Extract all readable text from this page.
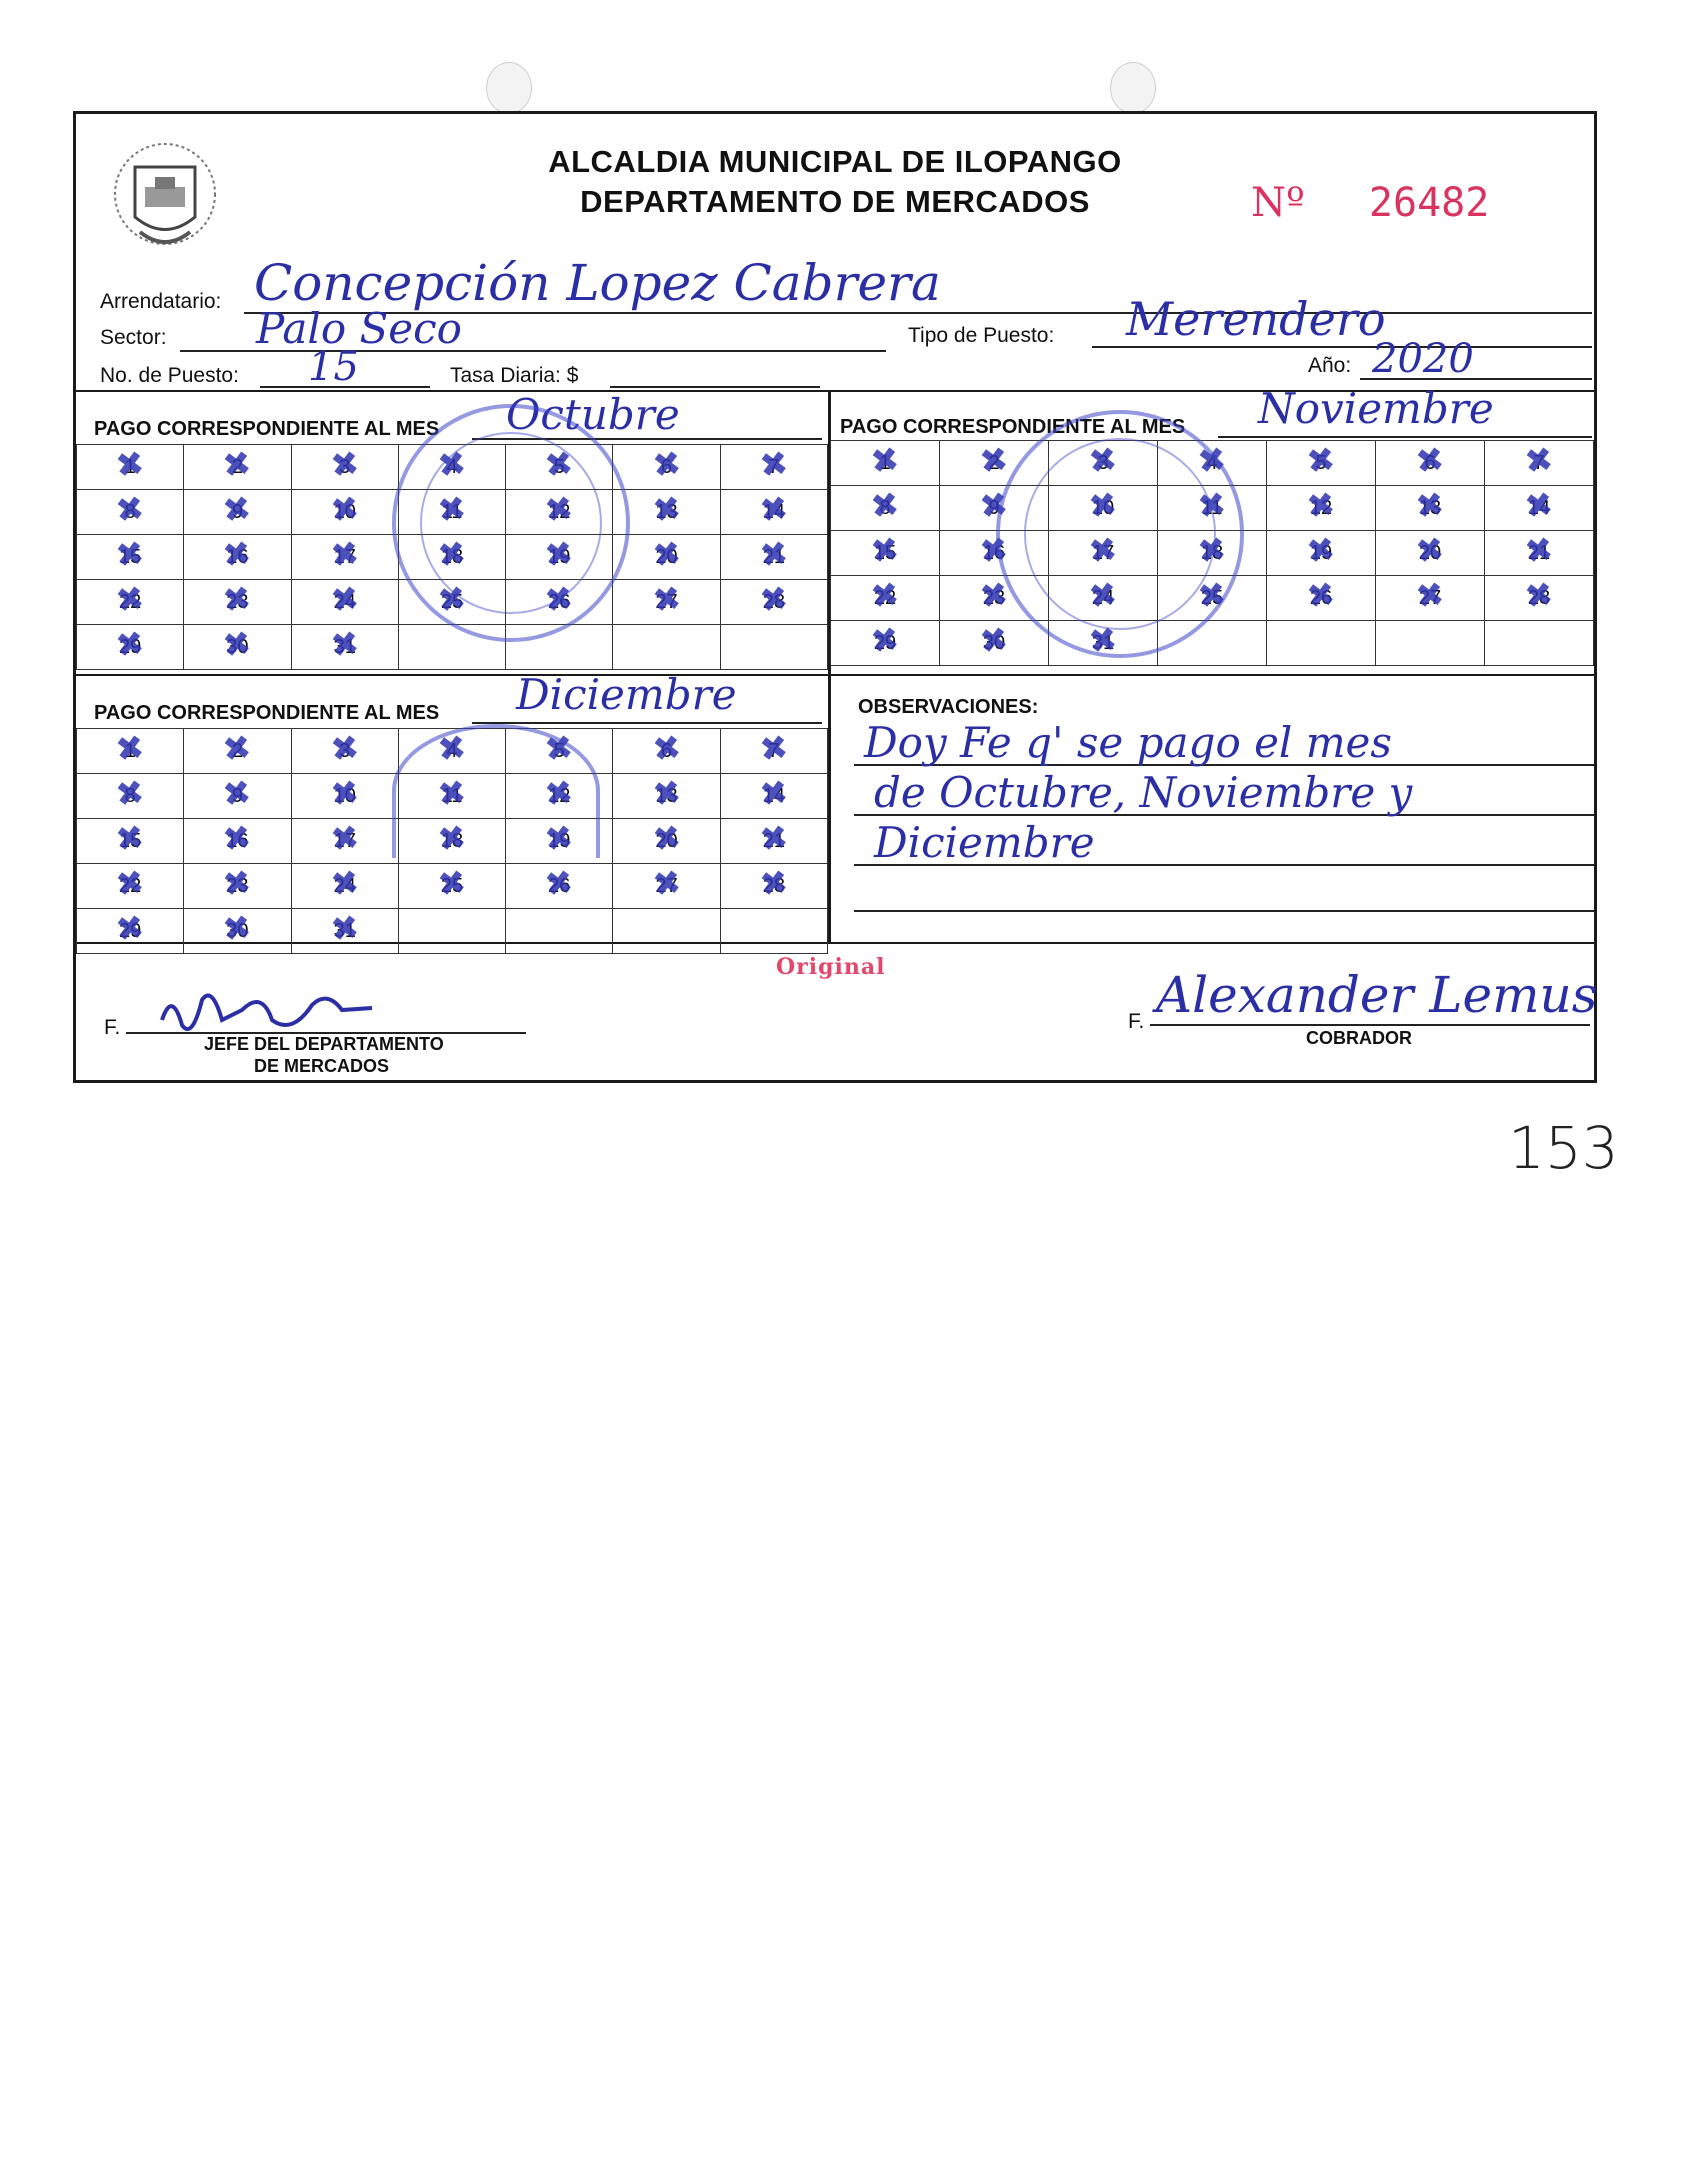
ALCALDIA MUNICIPAL DE ILOPANGO
DEPARTAMENTO DE MERCADOS	Nº 26482
Arrendatario: Concepción Lopez Cabrera
Sector: Palo Seco	Tipo de Puesto: Merendero
No. de Puesto: 15	Tasa Diaria: $	Año: 2020
PAGO CORRESPONDIENTE AL MES Octubre
1 ✖	2 ✖	3 ✖	4 ✖	5 ✖	6 ✖	7 ✖
8 ✖	9 ✖	10 ✖	11 ✖	12 ✖	13 ✖	14 ✖
15 ✖	16 ✖	17 ✖	18 ✖	19 ✖	20 ✖	21 ✖
22 ✖	23 ✖	24 ✖	25 ✖	26 ✖	27 ✖	28 ✖
29 ✖	30 ✖	31 ✖				
PAGO CORRESPONDIENTE AL MES Noviembre
1 ✖	2 ✖	3 ✖	4 ✖	5 ✖	6 ✖	7 ✖
8 ✖	9 ✖	10 ✖	11 ✖	12 ✖	13 ✖	14 ✖
15 ✖	16 ✖	17 ✖	18 ✖	19 ✖	20 ✖	21 ✖
22 ✖	23 ✖	24 ✖	25 ✖	26 ✖	27 ✖	28 ✖
29 ✖	30 ✖	31 ✖				
PAGO CORRESPONDIENTE AL MES Diciembre
1 ✖	2 ✖	3 ✖	4 ✖	5 ✖	6 ✖	7 ✖
8 ✖	9 ✖	10 ✖	11 ✖	12 ✖	13 ✖	14 ✖
15 ✖	16 ✖	17 ✖	18 ✖	19 ✖	20 ✖	21 ✖
22 ✖	23 ✖	24 ✖	25 ✖	26 ✖	27 ✖	28 ✖
29 ✖	30 ✖	31 ✖				
OBSERVACIONES:
Doy Fe q' se pago el mes
de Octubre, Noviembre y
Diciembre
Original
F.
JEFE DEL DEPARTAMENTO
DE MERCADOS
F. Alexander Lemus
COBRADOR
153
